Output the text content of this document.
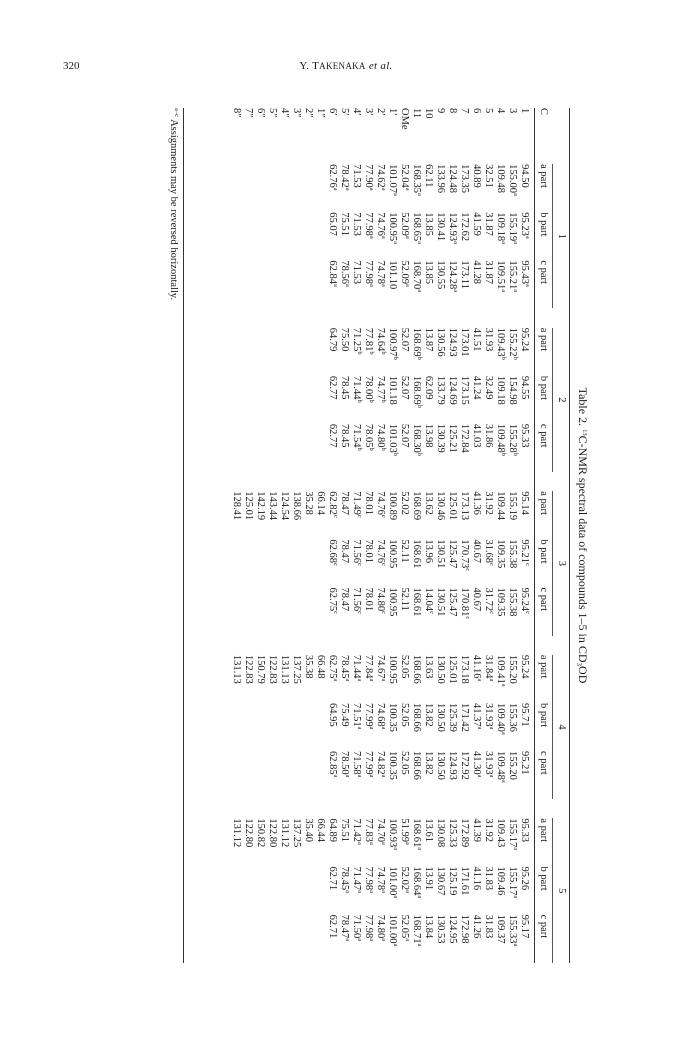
320	Y. TAKENAKA et al.
Table 2. $^{13}$C-NMR spectral data of compounds 1–5 in $CD_3OD$
	1				2				3				4				5		
C	a part	b part	c part		a part	b part	c part		a part	b part	c part		a part	b part	c part		a part	b part	c part
1	94.50	95.23$^a$	95.43$^a$		95.24	94.55	95.33		95.14	95.21$^c$	95.24$^c$		95.24	95.71	95.21		95.33	95.26	95.17
3	155.00$^a$	155.19$^a$	155.21$^a$		155.22$^b$	154.98	155.28$^b$		155.19	155.38	155.38		155.20	155.36	155.20		155.17$^a$	155.17$^a$	155.33$^a$
4	109.48	109.18$^a$	109.51$^a$		109.43$^b$	109.18	109.48$^b$		109.44	109.35	109.35		109.41$^a$	109.40$^a$	109.48$^a$		109.43	109.46	109.37
5	32.51	31.87	31.87		31.93	32.49	31.86		31.92	31.68$^c$	31.72$^c$		31.84$^a$	31.93$^a$	31.93$^a$		31.92	31.83	31.83
6	40.89	41.59	41.28		41.51	41.24	41.03		41.36	40.67	40.67		41.16$^a$	41.37$^a$	41.30$^a$		41.39	41.16	41.26
7	173.35	172.62	173.11		173.01	173.15	172.84		173.13	170.73$^c$	170.81$^c$		173.18	171.42	172.92		172.89	171.61	172.98
8	124.48	124.93$^a$	124.28$^a$		124.93	124.69	125.21		125.01	125.47	125.47		125.01	125.39	124.93		125.33	125.19	124.95
9	133.96	130.41	130.55		130.56	133.79	130.39		130.46	130.51	130.51		130.50	130.50	130.50		130.08	130.67	130.53
10	62.11	13.85	13.85		13.87	62.09	13.98		13.62	13.96	14.04$^c$		13.63	13.82	13.82		13.61	13.91	13.84
11	168.35$^a$	168.65$^a$	168.70$^a$		168.69$^b$	168.69$^b$	168.30$^b$		168.69	168.61	168.61		168.66	168.66	168.66		168.61$^a$	168.64$^a$	168.71$^a$
OMe	52.04$^a$	52.09$^a$	52.09$^a$		52.07	52.07	52.07		52.02	52.11	52.11		52.05	52.05	52.05		51.99$^a$	52.02$^a$	52.05$^a$
1′	101.07$^a$	100.95$^a$	101.10		100.97$^b$	101.18	101.03$^b$		100.89	100.95	100.95		100.95	100.35	100.35		100.93$^a$	101.00$^a$	101.00$^a$
2′	74.62$^a$	74.76$^a$	74.78$^a$		74.64$^b$	74.77$^b$	74.80$^b$		74.76$^c$	74.76$^c$	74.80$^c$		74.67$^a$	74.68$^a$	74.82$^a$		74.70$^a$	74.78$^a$	74.80$^a$
3′	77.90$^a$	77.98$^a$	77.98$^a$		77.81$^b$	78.00$^b$	78.05$^b$		78.01	78.01	78.01		77.84$^a$	77.99$^a$	77.99$^a$		77.83$^a$	77.98$^a$	77.98$^a$
4′	71.53	71.53	71.53		71.25$^b$	71.44$^b$	71.54$^b$		71.49$^c$	71.56$^c$	71.56$^c$		71.44$^a$	71.51$^a$	71.58$^a$		71.42$^a$	71.47$^a$	71.50$^a$
5′	78.42$^a$	75.51	78.56$^a$		75.50	78.45	78.45		78.47	78.47	78.47		78.45$^a$	75.49	78.50$^a$		75.51	78.45$^a$	78.47$^a$
6′	62.76$^a$	65.07	62.84$^a$		64.79	62.77	62.77		62.82$^c$	62.68$^c$	62.75$^c$		62.75$^a$	64.95	62.85$^a$		64.89	62.71	62.71
1″									66.14				66.48				66.44		
2″									35.28				35.38				35.40		
3″									138.66				137.25				137.25		
4″									124.54				131.13				131.12		
5″									143.44				122.83				122.80		
6″									142.19				150.79				150.82		
7″									125.01				122.83				122.80		
8″									128.41				131.13				131.12		
$^{a-c}$ Assignments may be reversed horizontally.
